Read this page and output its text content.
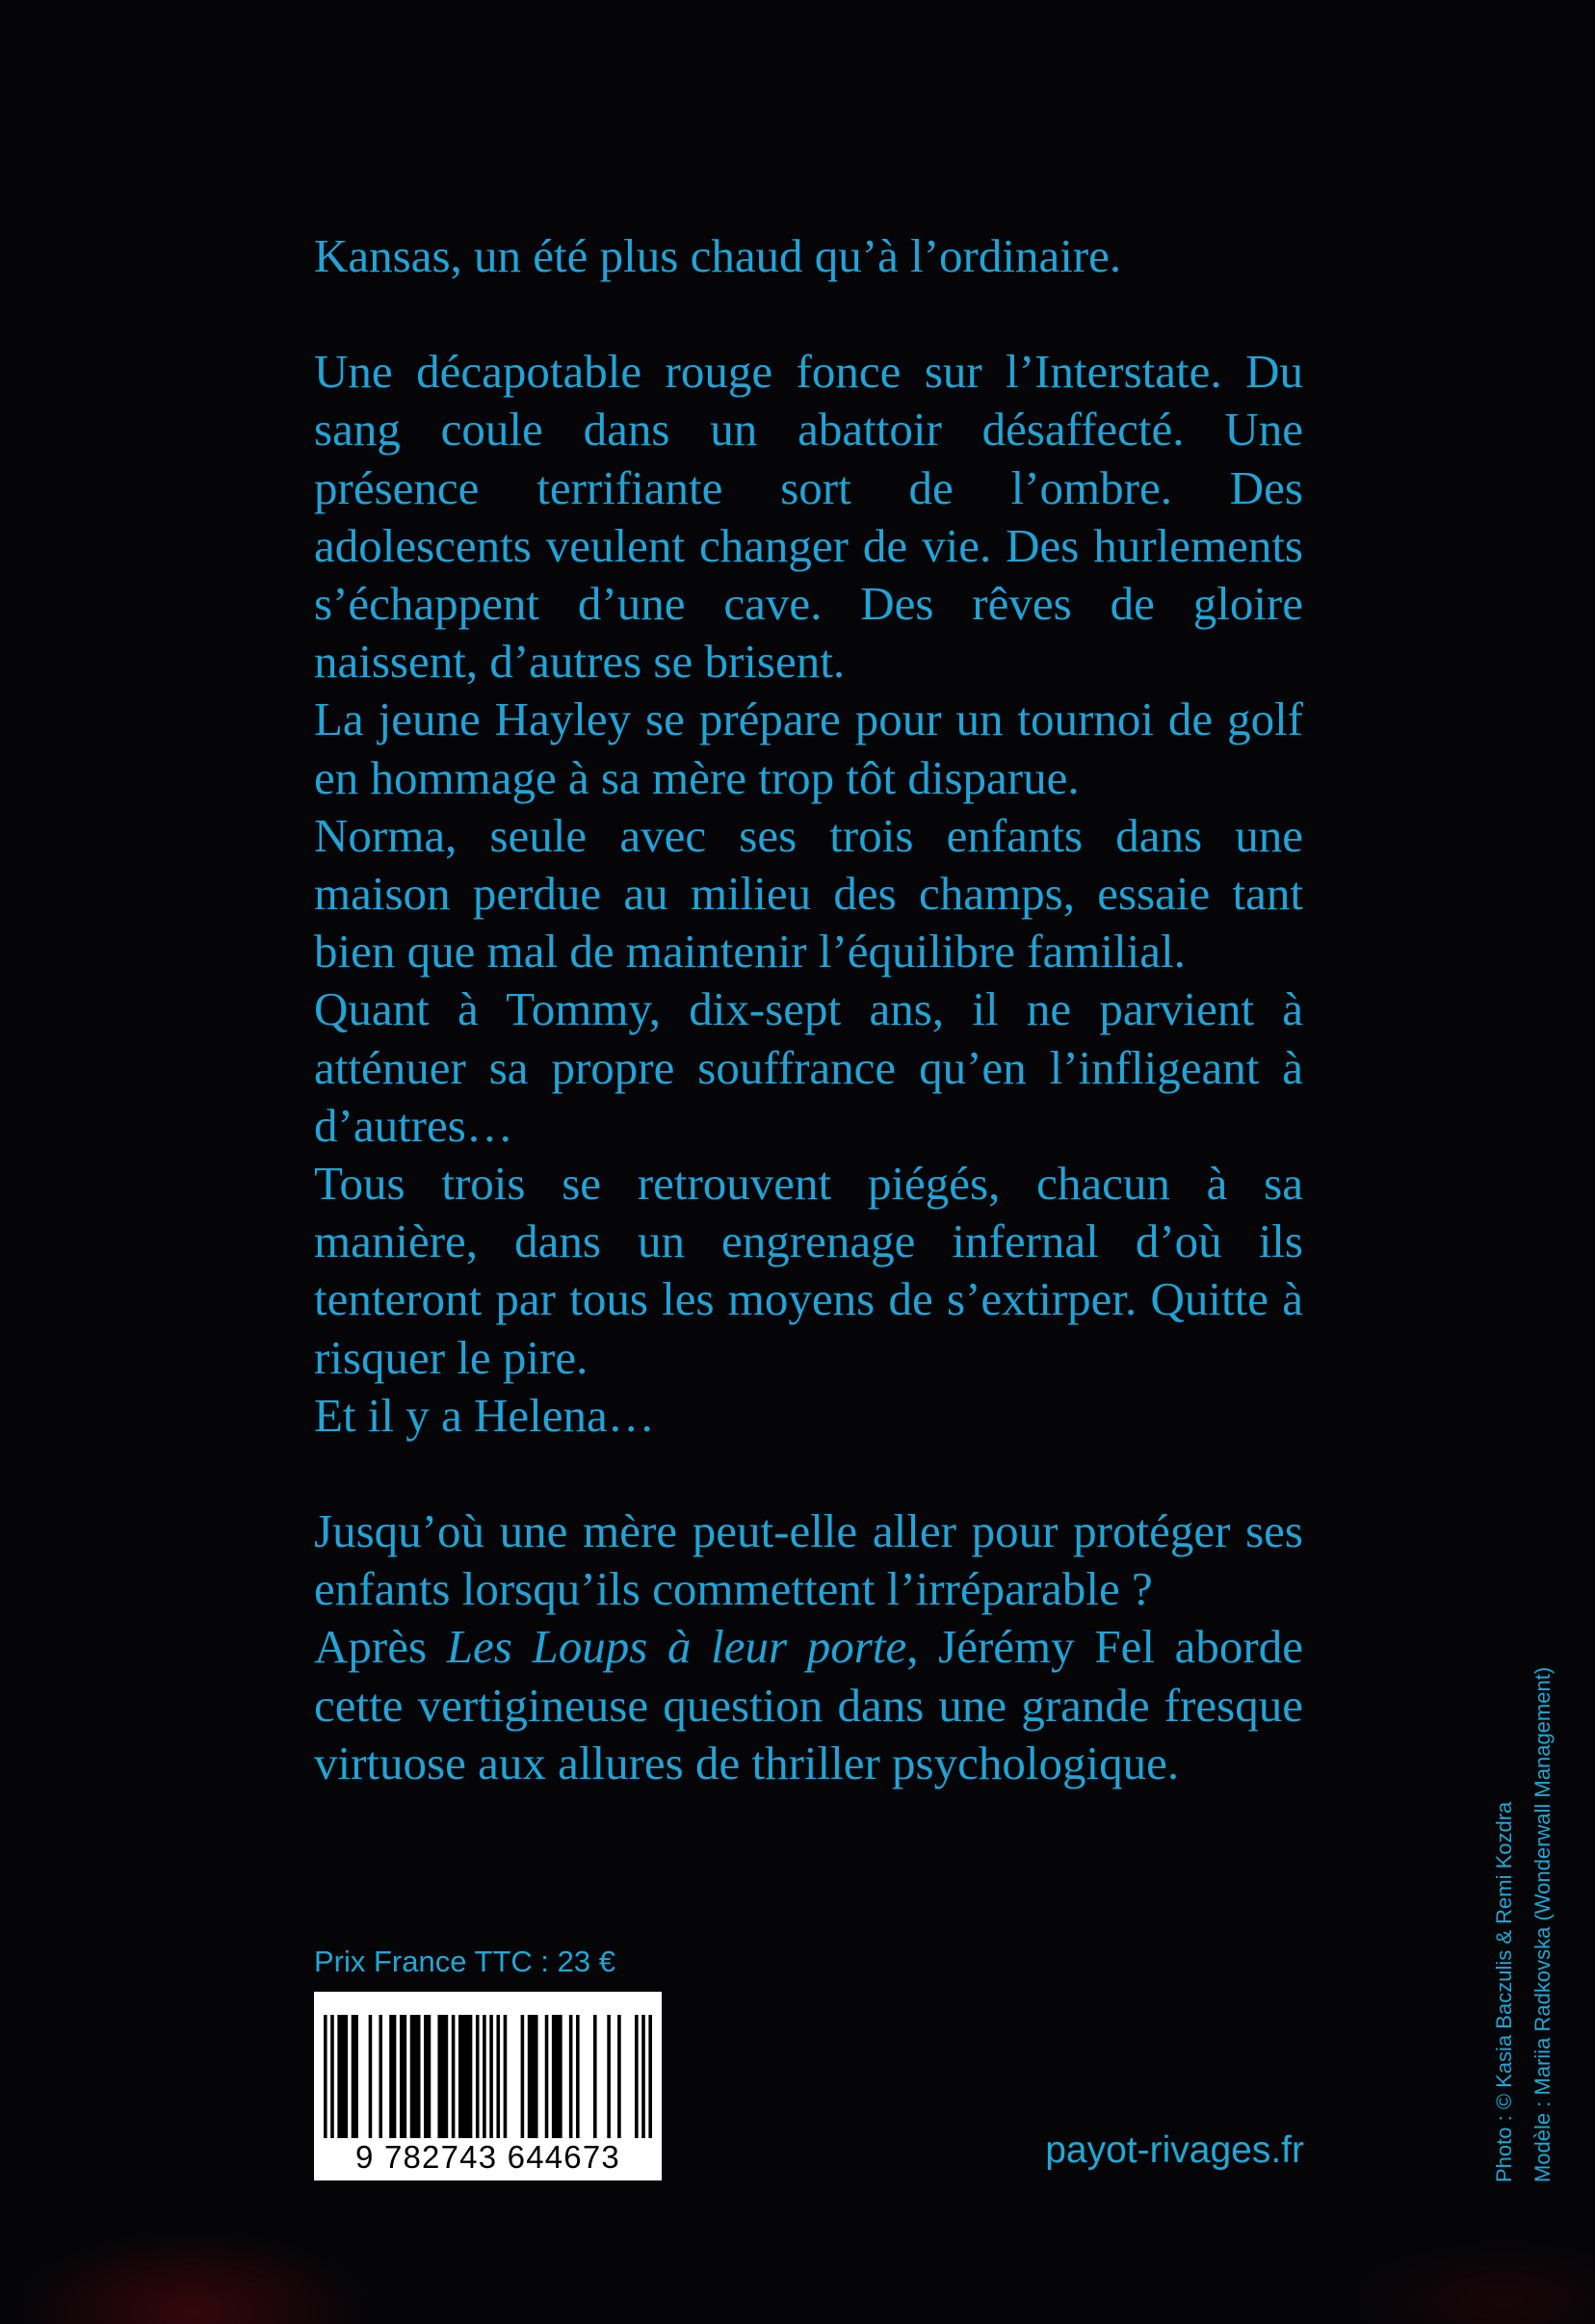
Kansas, un été plus chaud qu’à l’ordinaire.

Une décapotable rouge fonce sur l’Interstate. Du sang coule dans un abattoir désaffecté. Une présence terrifiante sort de l’ombre. Des adolescents veulent changer de vie. Des hurlements s’échappent d’une cave. Des rêves de gloire naissent, d’autres se brisent.

La jeune Hayley se prépare pour un tournoi de golf en hommage à sa mère trop tôt disparue.

Norma, seule avec ses trois enfants dans une maison perdue au milieu des champs, essaie tant bien que mal de maintenir l’équilibre familial.

Quant à Tommy, dix-sept ans, il ne parvient à atténuer sa propre souffrance qu’en l’infligeant à d’autres…

Tous trois se retrouvent piégés, chacun à sa manière, dans un engrenage infernal d’où ils tenteront par tous les moyens de s’extirper. Quitte à risquer le pire.

Et il y a Helena…

Jusqu’où une mère peut-elle aller pour protéger ses enfants lorsqu’ils commettent l’irréparable ?

Après Les Loups à leur porte, Jérémy Fel aborde cette vertigineuse question dans une grande fresque virtuose aux allures de thriller psychologique.

Prix France TTC : 23 €
9 782743 644673	payot-rivages.fr	Photo : © Kasia Baczulis & Remi Kozdra Modèle : Mariia Radkovska (Wonderwall Management)
